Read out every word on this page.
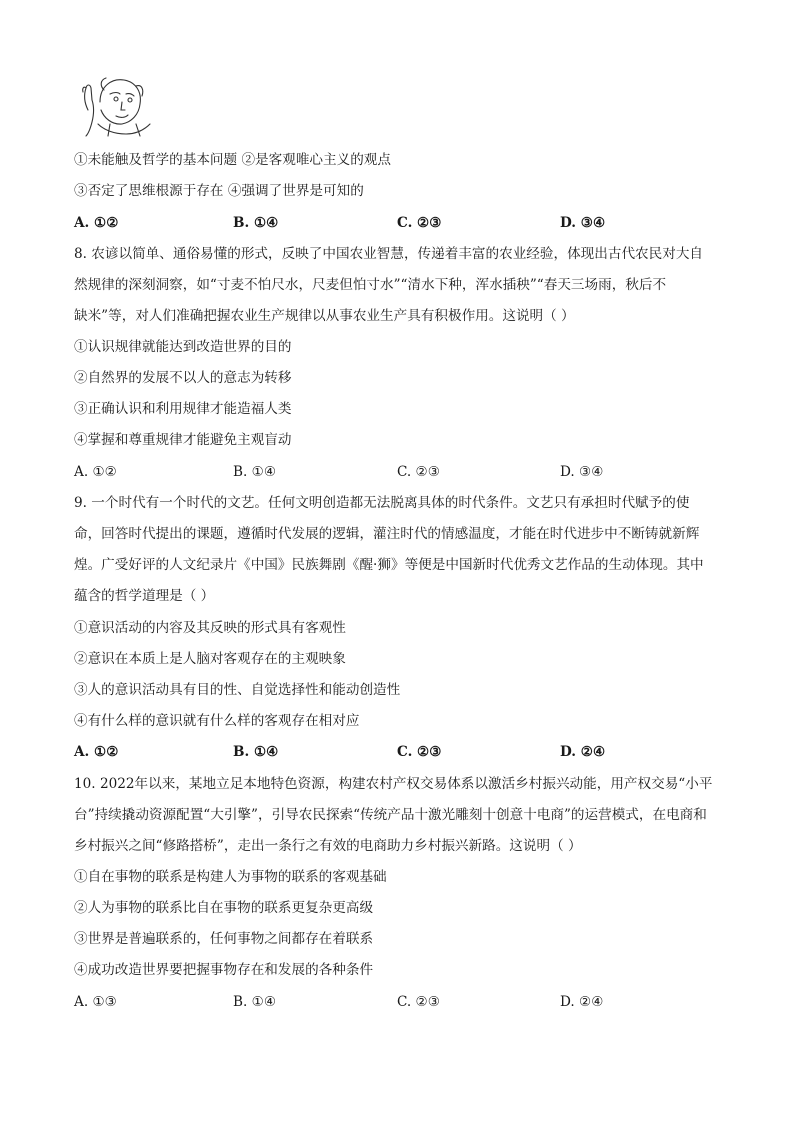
①未能触及哲学的基本问题 ②是客观唯心主义的观点
③否定了思维根源于存在 ④强调了世界是可知的
A. ①②	B. ①④	C. ②③	D. ③④
8. 农谚以简单、通俗易懂的形式，反映了中国农业智慧，传递着丰富的农业经验，体现出古代农民对大自
然规律的深刻洞察，如“寸麦不怕尺水，尺麦但怕寸水”“清水下种，浑水插秧”“春天三场雨，秋后不
缺米”等，对人们准确把握农业生产规律以从事农业生产具有积极作用。这说明（ ）
①认识规律就能达到改造世界的目的
②自然界的发展不以人的意志为转移
③正确认识和利用规律才能造福人类
④掌握和尊重规律才能避免主观盲动
A. ①②	B. ①④	C. ②③	D. ③④
9. 一个时代有一个时代的文艺。任何文明创造都无法脱离具体的时代条件。文艺只有承担时代赋予的使
命，回答时代提出的课题，遵循时代发展的逻辑，灌注时代的情感温度，才能在时代进步中不断铸就新辉
煌。广受好评的人文纪录片《中国》民族舞剧《醒·狮》等便是中国新时代优秀文艺作品的生动体现。其中
蕴含的哲学道理是（ ）
①意识活动的内容及其反映的形式具有客观性
②意识在本质上是人脑对客观存在的主观映象
③人的意识活动具有目的性、自觉选择性和能动创造性
④有什么样的意识就有什么样的客观存在相对应
A. ①②	B. ①④	C. ②③	D. ②④
10. 2022年以来，某地立足本地特色资源，构建农村产权交易体系以激活乡村振兴动能，用产权交易“小平
台”持续撬动资源配置“大引擎”，引导农民探索“传统产品十激光雕刻十创意十电商”的运营模式，在电商和
乡村振兴之间“修路搭桥”，走出一条行之有效的电商助力乡村振兴新路。这说明（ ）
①自在事物的联系是构建人为事物的联系的客观基础
②人为事物的联系比自在事物的联系更复杂更高级
③世界是普遍联系的，任何事物之间都存在着联系
④成功改造世界要把握事物存在和发展的各种条件
A. ①③	B. ①④	C. ②③	D. ②④
